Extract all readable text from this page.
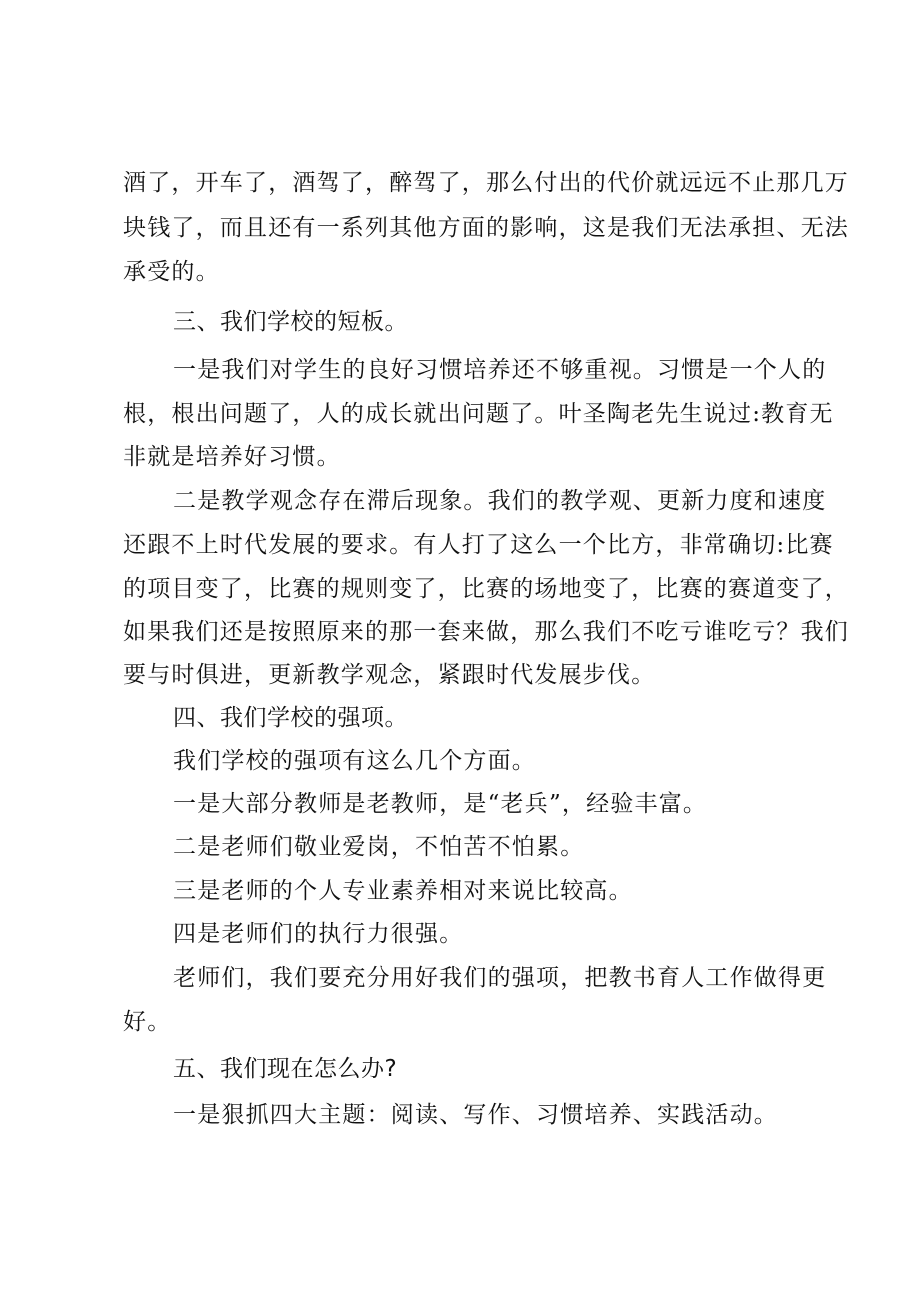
酒了，开车了，酒驾了，醉驾了，那么付出的代价就远远不止那几万
块钱了，而且还有一系列其他方面的影响，这是我们无法承担、无法
承受的。
三、我们学校的短板。
一是我们对学生的良好习惯培养还不够重视。习惯是一个人的
根，根出问题了，人的成长就出问题了。叶圣陶老先生说过:教育无
非就是培养好习惯。
二是教学观念存在滞后现象。我们的教学观、更新力度和速度
还跟不上时代发展的要求。有人打了这么一个比方，非常确切:比赛
的项目变了，比赛的规则变了，比赛的场地变了，比赛的赛道变了，
如果我们还是按照原来的那一套来做，那么我们不吃亏谁吃亏？我们
要与时俱进，更新教学观念，紧跟时代发展步伐。
四、我们学校的强项。
我们学校的强项有这么几个方面。
一是大部分教师是老教师，是“老兵”，经验丰富。
二是老师们敬业爱岗，不怕苦不怕累。
三是老师的个人专业素养相对来说比较高。
四是老师们的执行力很强。
老师们，我们要充分用好我们的强项，把教书育人工作做得更
好。
五、我们现在怎么办?
一是狠抓四大主题：阅读、写作、习惯培养、实践活动。
